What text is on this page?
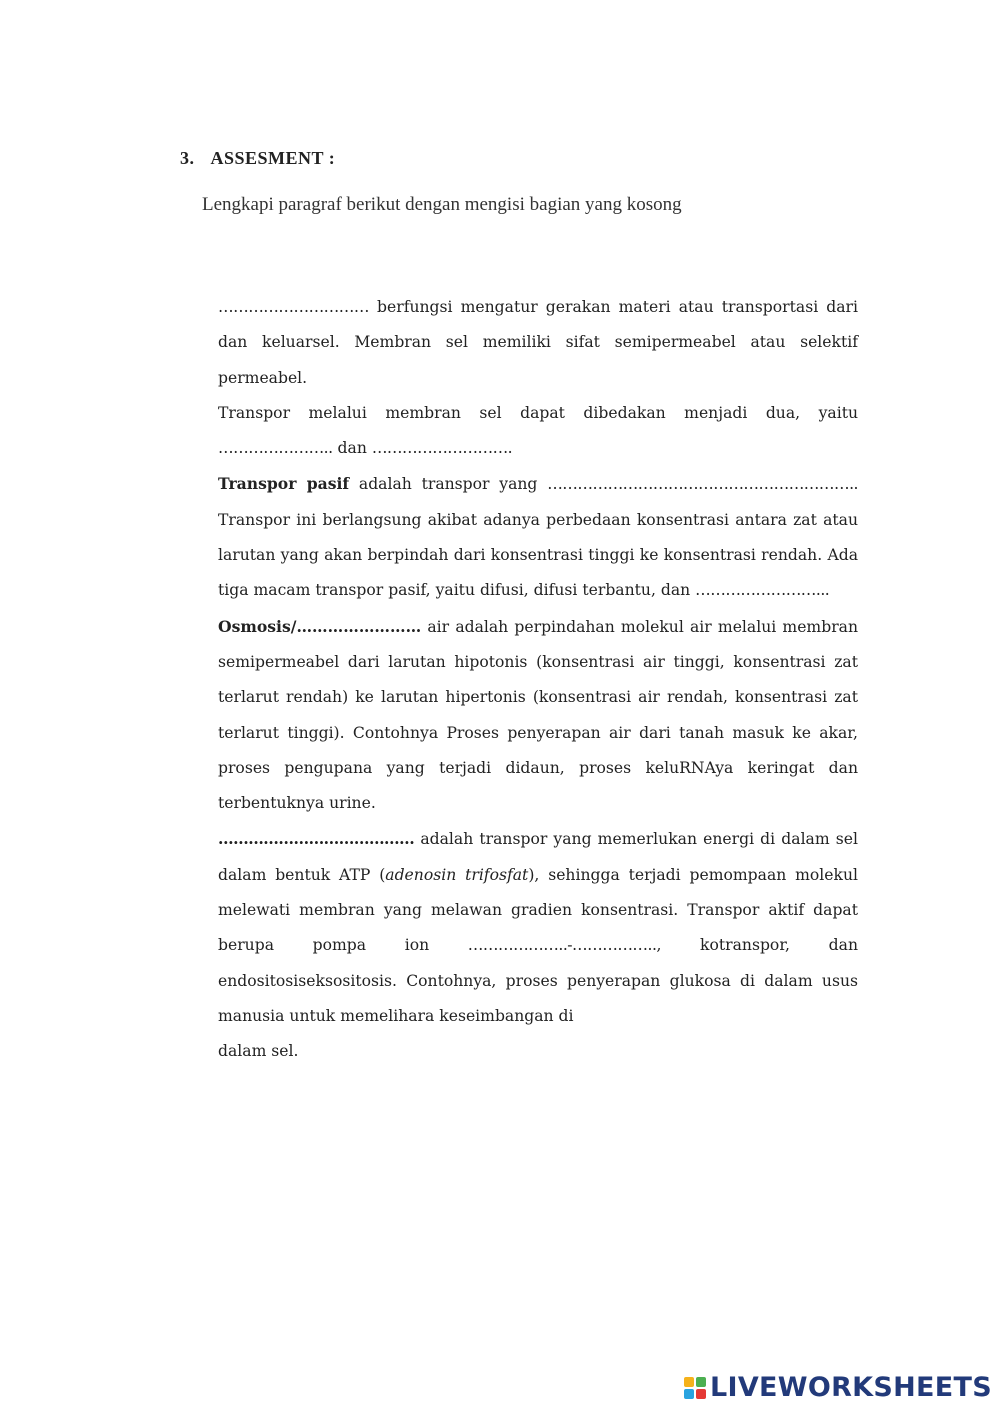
3. ASSESMENT :
Lengkapi paragraf berikut dengan mengisi bagian yang kosong

………………………… berfungsi mengatur gerakan materi atau transportasi dari dan keluarsel. Membran sel memiliki sifat semipermeabel atau selektif permeabel.

Transpor melalui membran sel dapat dibedakan menjadi dua, yaitu ………………….. dan ……………………….

Transpor pasif adalah transpor yang …………………………………………………….. Transpor ini berlangsung akibat adanya perbedaan konsentrasi antara zat atau larutan yang akan berpindah dari konsentrasi tinggi ke konsentrasi rendah. Ada tiga macam transpor pasif, yaitu difusi, difusi terbantu, dan ……………………...

Osmosis/…………………… air adalah perpindahan molekul air melalui membran semipermeabel dari larutan hipotonis (konsentrasi air tinggi, konsentrasi zat terlarut rendah) ke larutan hipertonis (konsentrasi air rendah, konsentrasi zat terlarut tinggi). Contohnya Proses penyerapan air dari tanah masuk ke akar, proses pengupana yang terjadi didaun, proses keluRNAya keringat dan terbentuknya urine.

………………………………… adalah transpor yang memerlukan energi di dalam sel dalam bentuk ATP (adenosin trifosfat), sehingga terjadi pemompaan molekul melewati membran yang melawan gradien konsentrasi. Transpor aktif dapat berupa pompa ion ………………..-…………….., kotranspor, dan endositosiseksositosis. Contohnya, proses penyerapan glukosa di dalam usus manusia untuk memelihara keseimbangan di
dalam sel.

LIVEWORKSHEETS
